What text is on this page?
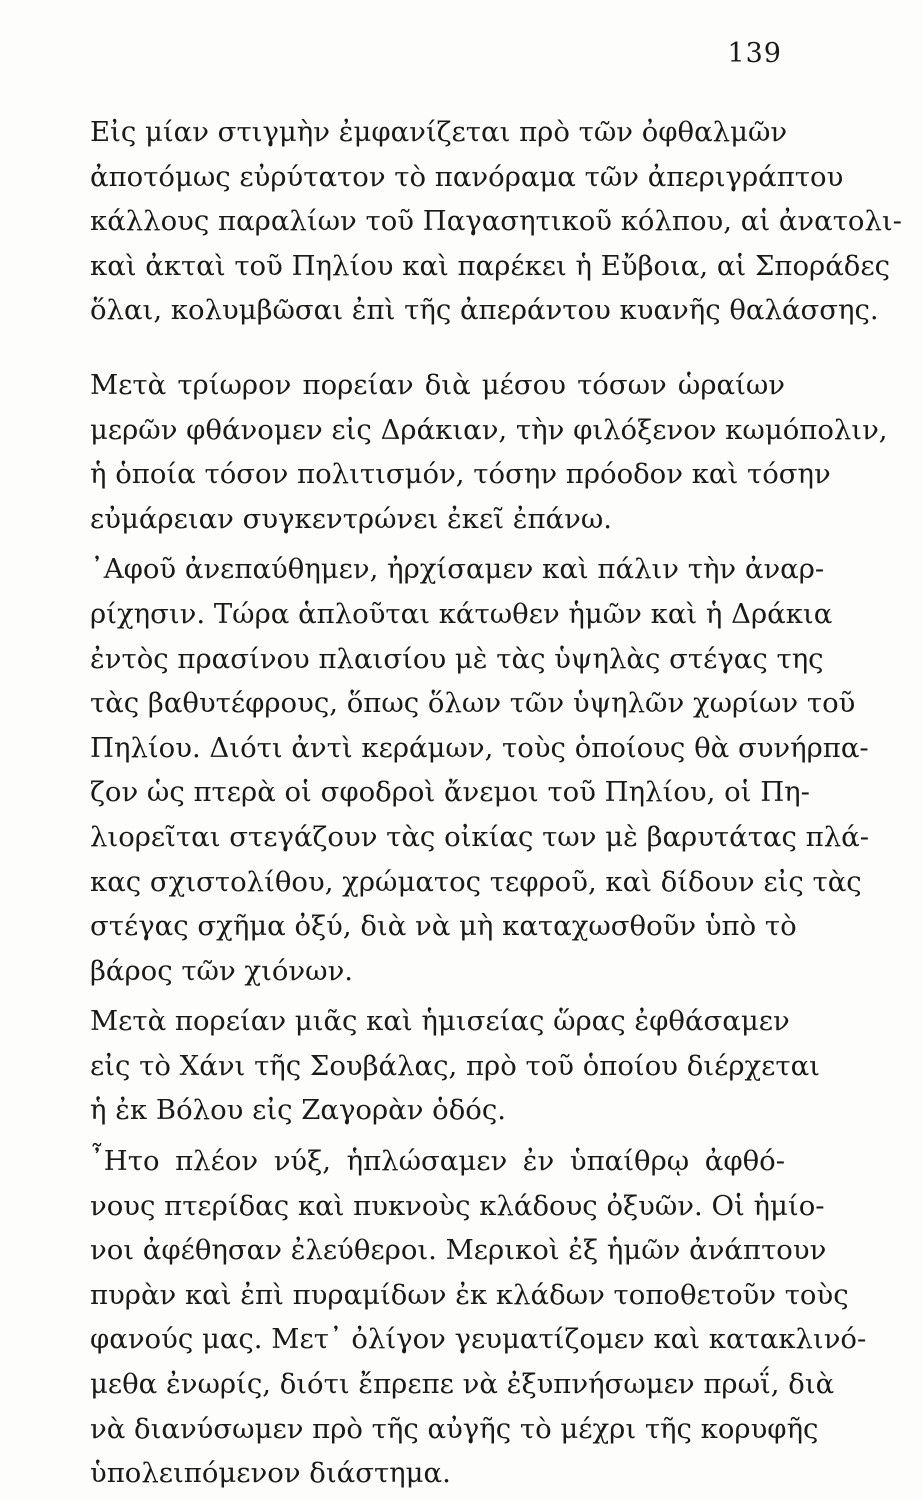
139
Εἰς μίαν στιγμὴν ἐμφανίζεται πρὸ τῶν ὀφθαλμῶν
ἀποτόμως εὐρύτατον τὸ πανόραμα τῶν ἀπεριγράπτου
κάλλους παραλίων τοῦ Παγασητικοῦ κόλπου, αἱ ἀνατολι-
καὶ ἀκταὶ τοῦ Πηλίου καὶ παρέκει ἡ Εὔβοια, αἱ Σποράδες
ὅλαι, κολυμβῶσαι ἐπὶ τῆς ἀπεράντου κυανῆς θαλάσσης.
Μετὰ τρίωρον πορείαν διὰ μέσου τόσων ὡραίων
μερῶν φθάνομεν εἰς Δράκιαν, τὴν φιλόξενον κωμόπολιν,
ἡ ὁποία τόσον πολιτισμόν, τόσην πρόοδον καὶ τόσην
εὐμάρειαν συγκεντρώνει ἐκεῖ ἐπάνω.
᾿Αφοῦ ἀνεπαύθημεν, ἠρχίσαμεν καὶ πάλιν τὴν ἀναρ-
ρίχησιν. Τώρα ἁπλοῦται κάτωθεν ἡμῶν καὶ ἡ Δράκια
ἐντὸς πρασίνου πλαισίου μὲ τὰς ὑψηλὰς στέγας της
τὰς βαθυτέφρους, ὅπως ὅλων τῶν ὑψηλῶν χωρίων τοῦ
Πηλίου. Διότι ἀντὶ κεράμων, τοὺς ὁποίους θὰ συνήρπα-
ζον ὡς πτερὰ οἱ σφοδροὶ ἄνεμοι τοῦ Πηλίου, οἱ Πη-
λιορεῖται στεγάζουν τὰς οἰκίας των μὲ βαρυτάτας πλά-
κας σχιστολίθου, χρώματος τεφροῦ, καὶ δίδουν εἰς τὰς
στέγας σχῆμα ὀξύ, διὰ νὰ μὴ καταχωσθοῦν ὑπὸ τὸ
βάρος τῶν χιόνων.
Μετὰ πορείαν μιᾶς καὶ ἡμισείας ὥρας ἐφθάσαμεν
εἰς τὸ Χάνι τῆς Σουβάλας, πρὸ τοῦ ὁποίου διέρχεται
ἡ ἐκ Βόλου εἰς Ζαγορὰν ὁδός.
῏Ητο πλέον νύξ, ἡπλώσαμεν ἐν ὑπαίθρῳ ἀφθό-
νους πτερίδας καὶ πυκνοὺς κλάδους ὀξυῶν. Οἱ ἡμίο-
νοι ἀφέθησαν ἐλεύθεροι. Μερικοὶ ἐξ ἡμῶν ἀνάπτουν
πυρὰν καὶ ἐπὶ πυραμίδων ἐκ κλάδων τοποθετοῦν τοὺς
φανούς μας. Μετ᾿ ὀλίγον γευματίζομεν καὶ κατακλινό-
μεθα ἐνωρίς, διότι ἔπρεπε νὰ ἐξυπνήσωμεν πρωΐ, διὰ
νὰ διανύσωμεν πρὸ τῆς αὐγῆς τὸ μέχρι τῆς κορυφῆς
ὑπολειπόμενον διάστημα.
